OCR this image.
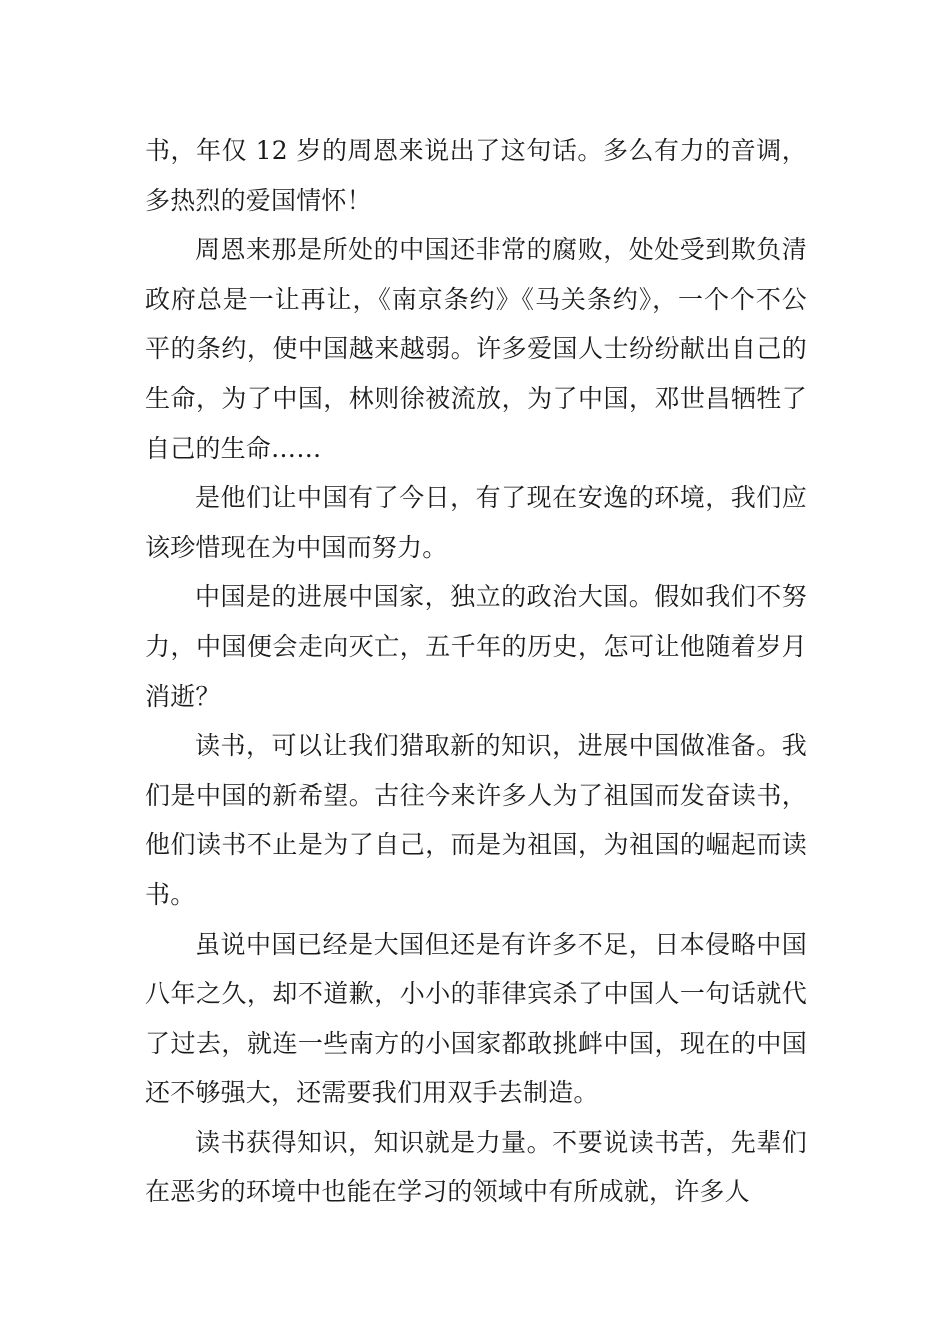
书，年仅 12 岁的周恩来说出了这句话。多么有力的音调，多热烈的爱国情怀！

周恩来那是所处的中国还非常的腐败，处处受到欺负清政府总是一让再让，《南京条约》《马关条约》，一个个不公平的条约，使中国越来越弱。许多爱国人士纷纷献出自己的生命，为了中国，林则徐被流放，为了中国，邓世昌牺牲了自己的生命……

是他们让中国有了今日，有了现在安逸的环境，我们应该珍惜现在为中国而努力。

中国是的进展中国家，独立的政治大国。假如我们不努力，中国便会走向灭亡，五千年的历史，怎可让他随着岁月消逝？

读书，可以让我们猎取新的知识，进展中国做准备。我们是中国的新希望。古往今来许多人为了祖国而发奋读书，他们读书不止是为了自己，而是为祖国，为祖国的崛起而读书。

虽说中国已经是大国但还是有许多不足，日本侵略中国八年之久，却不道歉，小小的菲律宾杀了中国人一句话就代了过去，就连一些南方的小国家都敢挑衅中国，现在的中国还不够强大，还需要我们用双手去制造。

读书获得知识，知识就是力量。不要说读书苦，先辈们在恶劣的环境中也能在学习的领域中有所成就，许多人
